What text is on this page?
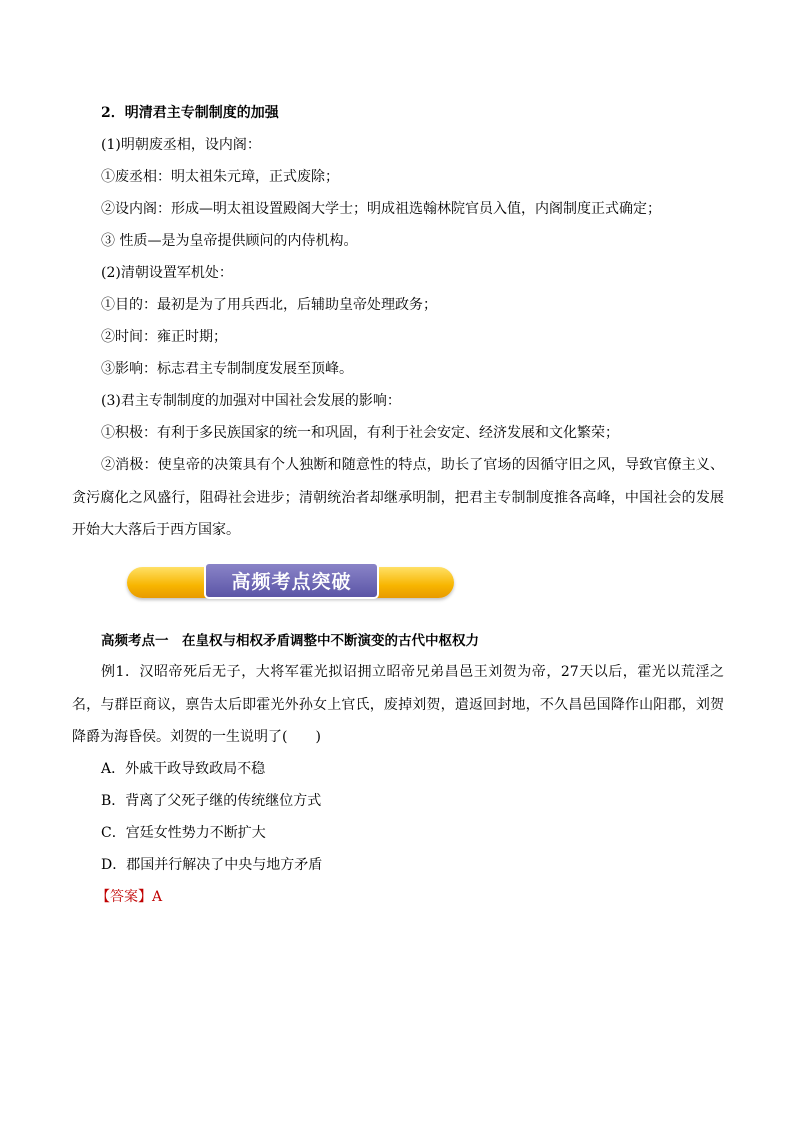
2．明清君主专制制度的加强
(1)明朝废丞相，设内阁：
①废丞相：明太祖朱元璋，正式废除；
②设内阁：形成—明太祖设置殿阁大学士；明成祖选翰林院官员入值，内阁制度正式确定；
③ 性质—是为皇帝提供顾问的内侍机构。
(2)清朝设置军机处：
①目的：最初是为了用兵西北，后辅助皇帝处理政务；
②时间：雍正时期；
③影响：标志君主专制制度发展至顶峰。
(3)君主专制制度的加强对中国社会发展的影响：
①积极：有利于多民族国家的统一和巩固，有利于社会安定、经济发展和文化繁荣；
②消极：使皇帝的决策具有个人独断和随意性的特点，助长了官场的因循守旧之风，导致官僚主义、贪污腐化之风盛行，阻碍社会进步；清朝统治者却继承明制，把君主专制制度推各高峰，中国社会的发展开始大大落后于西方国家。
高频考点突破
高频考点一　在皇权与相权矛盾调整中不断演变的古代中枢权力
例1．汉昭帝死后无子，大将军霍光拟诏拥立昭帝兄弟昌邑王刘贺为帝，27天以后，霍光以荒淫之名，与群臣商议，禀告太后即霍光外孙女上官氏，废掉刘贺，遣返回封地，不久昌邑国降作山阳郡，刘贺降爵为海昏侯。刘贺的一生说明了(　　)
A．外戚干政导致政局不稳
B．背离了父死子继的传统继位方式
C．宫廷女性势力不断扩大
D．郡国并行解决了中央与地方矛盾
【答案】A
